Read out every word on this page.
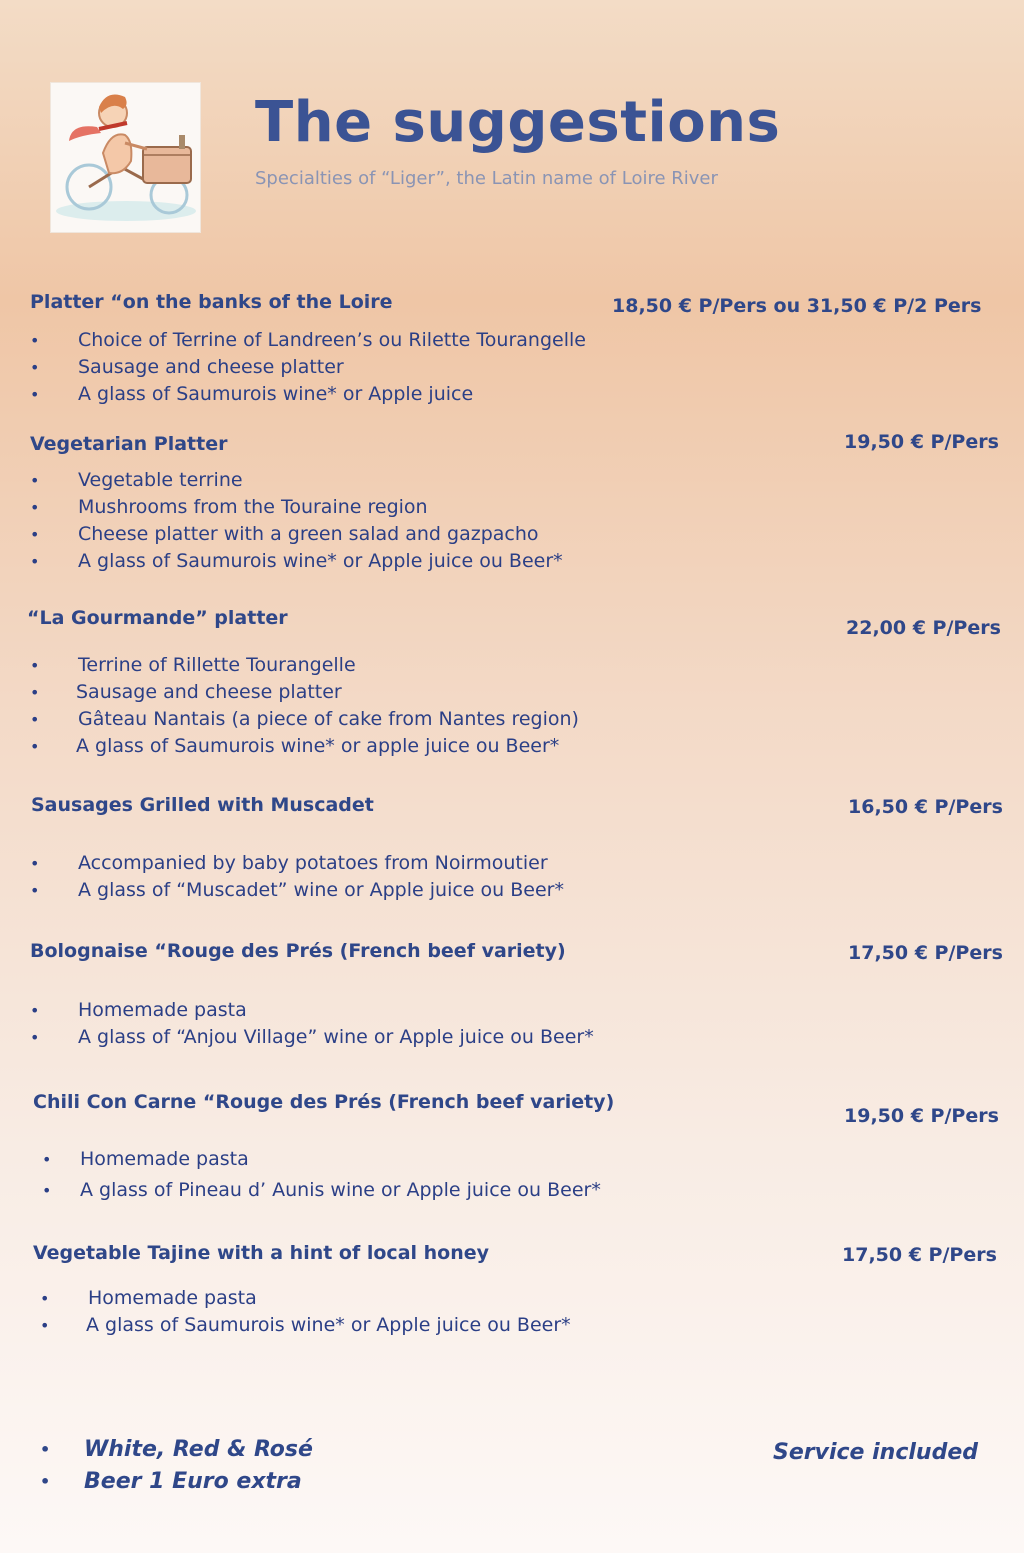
The suggestions
Specialties of “Liger”, the Latin name of Loire River
Platter “on the banks of the Loire	18,50 € P/Pers ou 31,50 € P/2 Pers
• Choice of Terrine of Landreen’s ou Rilette Tourangelle
• Sausage and cheese platter
• A glass of Saumurois wine* or Apple juice
Vegetarian Platter	19,50 € P/Pers
• Vegetable terrine
• Mushrooms from the Touraine region
• Cheese platter with a green salad and gazpacho
• A glass of Saumurois wine* or Apple juice ou Beer*
“La Gourmande” platter	22,00 € P/Pers
• Terrine of Rillette Tourangelle
• Sausage and cheese platter
• Gâteau Nantais (a piece of cake from Nantes region)
• A glass of Saumurois wine* or apple juice ou Beer*
Sausages Grilled with Muscadet	16,50 € P/Pers
• Accompanied by baby potatoes from Noirmoutier
• A glass of “Muscadet” wine or Apple juice ou Beer*
Bolognaise “Rouge des Prés (French beef variety)	17,50 € P/Pers
• Homemade pasta
• A glass of “Anjou Village” wine or Apple juice ou Beer*
Chili Con Carne “Rouge des Prés (French beef variety)
19,50 € P/Pers
• Homemade pasta
• A glass of Pineau d’ Aunis wine or Apple juice ou Beer*
Vegetable Tajine with a hint of local honey	17,50 € P/Pers
• Homemade pasta
• A glass of Saumurois wine* or Apple juice ou Beer*
• White, Red & Rosé
• Beer 1 Euro extra
Service included
